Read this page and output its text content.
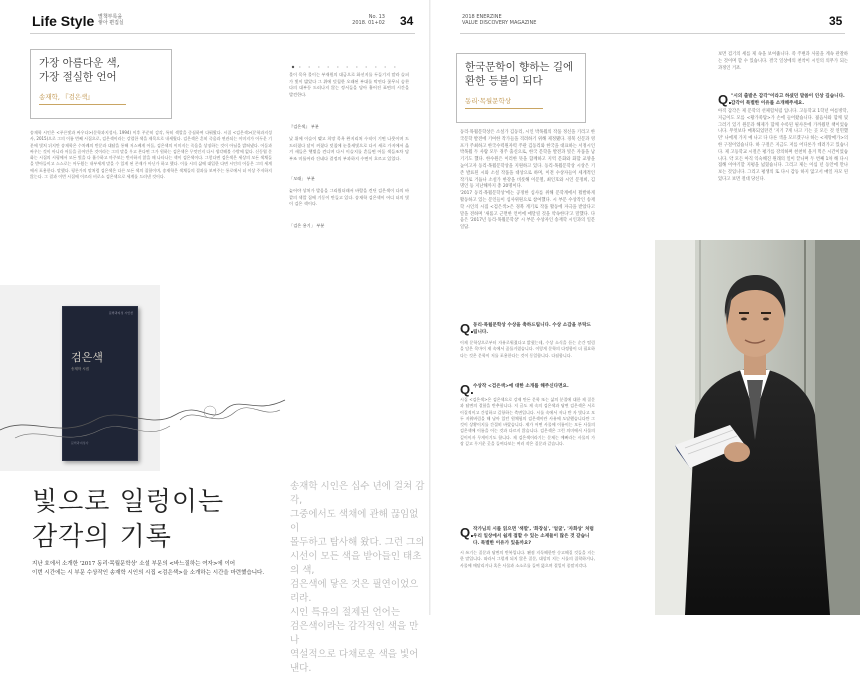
Life Style 별책부록을
쌓아 편집실
No. 13
2018. 01+02 34
가장 아름다운 색,
가장 절실한 언어
송재학, 『검은색』
송재학 시인은 <푸른빛과 싸우다>(문학과지성사, 1994) 이후 꾸준히 감각, 특히 색깔을 중심하여 다뤄왔다. 시집 <검은색>(문학과지성사, 2015)으로 그의 이름 번째 시집으로, 검은색이라는 강렬한 색을 제목으로 내세웠다. 검은색은 흔히 죽음과 연관되는 이미지가 어두운 기분에 빛처 뒤지만 송재학은 수차례의 반문과 대답을 통해 저스베게 어둠, 검은색의 이미지는 죽음을 상징하는 것이 아님을 밝혀냈다. 어둠과 싸우는 것이 아니라 어둠을 끌어안은 것이라는 그의 말을 우고 본다면 그가 원하는 검은색은 무엇인지 다시 생각해볼 수밖에 없다. 신동엽 문화는 시집의 시평에서 모든 빛을 다 흡수하고 마주보는 반사하지 않을 때 나타나는 색이 검은색이다. 그렇다면 검은색은 세상의 모든 색채들을 받아들이고 스스로는 어두웠는 내부세계 말을 수 있게 된 존재가 아닌가 하고 했다. 이를 시의 삶에 대입한 다면 시인의 어둠은 그의 세계에서 포용한다. 말했다. 평론가의 말처럼 검은색은 다른 모든 색의 집합이며, 송재학은 색채들의 결과를 보여주는 통로에서 더 이상 주저하지 않는다. 그 결과 이번 시집에 이르러 비로소 검은색으로 세계를 드러낸 것이다.
물이 목욕 물이는 부재원의 대금으로 화선지를 두들기지 말라 슬퍼가 빛이 밟았다 그 위에 덧칠한 오래된 부대를 막연다 꽃무늬 숨찬다의 대부등 드러나지 않는 정서들을 담아 흩어진 표면의 시간을 발견한다.
『검은색』 부분
낮 위에 이슬이 맺고 희망 목욕 완지리처 수직이 기면 나뭇이며 드드러졌다 달이 꺼졌다 덧칠에 눈물새빛으로 다시 새로 가지에서 옮겨 새들은 햇볕을 견디며 다시 이슬지를 흔들면 어둠 색들조차 담 부조 미틀어라 건네다 결정의 부과하지 수면이 흐르고 있었다.
「모래」 부분
늦어야 상처가 발음을 그리웠더래서 바람을 견딘 검은색이 다의 바깥의 색깔 집에 기둥이 만들고 있다. 송재학 검은색이 어디 더의 빛이 검은 색이다.
「검은 용기」 부분
문학과지성 시인선
검은색
송재학 시집
문학과지성사
빛으로 일렁이는
감각의 기록
지난 호에서 소개한 '2017 동리·목월문학상' 소설 부문의 <바느질하는 여자>에 이어
이번 시간에는 시 부문 수상작인 송재학 시인의 시집 <검은색>을 소개하는 시간을 마련했습니다.
송재학 시인은 십수 년에 걸쳐 감각,
그중에서도 색채에 관해 끊임없이
몰두하고 탐사해 왔다. 그런 그의
시선이 모든 색을 받아들인 태초의 색,
검은색에 닿은 것은 필연이었으리라.
시인 특유의 절제된 언어는
검은색이라는 감각적인 색을 만나
역설적으로 다채로운 색을 빛어낸다.
2018 ENERZINE
VALUE DISCOVERY MAGAZINE	35
한국문학이 향하는 길에
환한 등불이 되다
동리·목월문학상
동리·목월문학상은 소설가 김동리, 시인 박목월의 작품 정신을 기리고 한국문학 발전에 기여한 작가들을 격려하기 위해 제정됐다. 경북 신문과 영포가 주최하고 한국수력원자력 주관 김동리와 한국을 대표하는 서정시인 박목월 두 사람 모두 경주 출신으로, 한국 문학을 발전과 빛은 자품을 남기기도 했다. 한수원은 이러한 뜻을 함께하고 지역 문화와 화합 교양을 높이고자 동리·목월문학상을 지원하고 있다. 동리·목월문학상 시상은 기존 발표된 시와 소설 작품을 대상으로 하며, 이전 수상자들이 세계적인 작가로 거듭나 소설가 한강을 비롯해 이문열, 최인호와 시인 문정희, 김명인 등 지난해까지 총 20명이다.
'2017 동리·목월문학상'에는 공정한 심사를 위해 문학계에서 활발하게 활동하고 있는 문인들이 심사위원으로 참여했다. 시 부문 수상작인 송재학 시인의 시집 <검은색>은 경북 계기로 작품 활동에 자극을 받았다고 말을 전하며 '새롭고 근면한 언어에 애달릴 것을 약속한다'고 말했다. 다음은 '2017년 동리·목월문학상' 시 부문 수상자인 송재학 시인과의 일문일답.
Q. 동리·목월문학상 수상을 축하드립니다. 수상 소감을 부탁드립니다.
이제 문학상으로부터 자유로워졌다고 밝혔는데, 수상 소식을 듣는 순간 떨림을 담은 목마이 제 속에서 꿈틀거렸습니다. 이렇게 문학의 다정함이 더 필요하다는 것은 문학이 저를 포용한다는 것이 동일합니다. 다짐합니다.
Q. 수상작 <검은색>에 대한 소개를 해주신다면요.
시집 <검은색>은 검은색으로 강제 만든 문학 또는 삶의 분절에 대한 제 질문과 답변의 결합을 반추합니다. 저 글도 제 속의 검은색과 답변 검은색은 서로 이질적이고 간섭하고 길항하는 측면입니다. 시를 속에서 저나 반 자 빛나고 모두 지워버림을 해 남아 있던 원체험의 검은색이란 사유에 도달했습니다만 그것이 상황이지를 간절히 바랐습니다. 제가 어떤 사물에 이름이는 모든 사물의 검은색에 이름을 어는 것과 다르지 않습니다. 검은색은 그런 의미에서 사물의 깊이이자 무게이기도 합니다. 제 검은색이라기는 문제는 예뻐라는 사물의 가장 깊고 무거운 곳을 들여다보는 여러 작은 질문과 같습니다.
Q. 작가님의 시를 읽으면 '색깔', '화장실', '얼굴', '자화상' 처럼 우리 일상에서 쉽게 접할 수 있는 소재들이 많은 것 같습니다. 특별한 이유가 있을까요?
시 쓰기는 질문과 답변의 반복입니다. 왠점 지독해한만 숭고해질 것들을 지는 한 말입니다. 따라서 그럴게 되지 않은 질문, 대상의 지는 시를의 집착하거나, 사물에 매달리거나 혹은 사물과 소소로를 들여 뚫으며 결일이 종말지각다.
보면 검기의 세를 제 속을 보여줍니다. 즉 주변과 사물을 계속 관찰하는 것이며 할 수 있습니다. 결국 일상에의 천착이 시인의 의무가 되는 과정인 거죠.
Q. "시의 출발은 감각"이라고 하셨던 말씀이 인상 깊습니다. 감각이 특별한 이유를 소개해주세요.
아직 갑각은 제 문학의 선체험처럼 입니다. 고등학교 1학년 여름방학, 지금이도 모를 <황가죽탑>가 손에 들어왔습니다. 젊음사와 함께 및 그러기 있기 원문과 해제가 함께 수록된 필사본에 가까웠던 책이었습니다. 무엇보다 매혹되었던건 '지기 7게 나고 기는 곳 모든 것 연민했던' 나에게 가지 예 나고 다 다른 색을 모르겠구나 하는 <제망매가>의 한 구절이었습니다. 하 구절은 지금도 저를 어디론가 데려가고 있습니다. 제 고등학교 시절은 평가를 강의하며 천천히 올겨 먹은 시간이었습니다. 약 모든 아직 익숙해진 원래의 일이 끝나며 두 번째 1차 해 다시 접해 이야기할 지평을 넓혔습니다. 그리고 제는 이십 년 동안에 만나 보는 것입니다. 그리고 평생의 또 다시 감동 하지 않고서 매일 자모 된 있다고 보면 절대 당신다.
